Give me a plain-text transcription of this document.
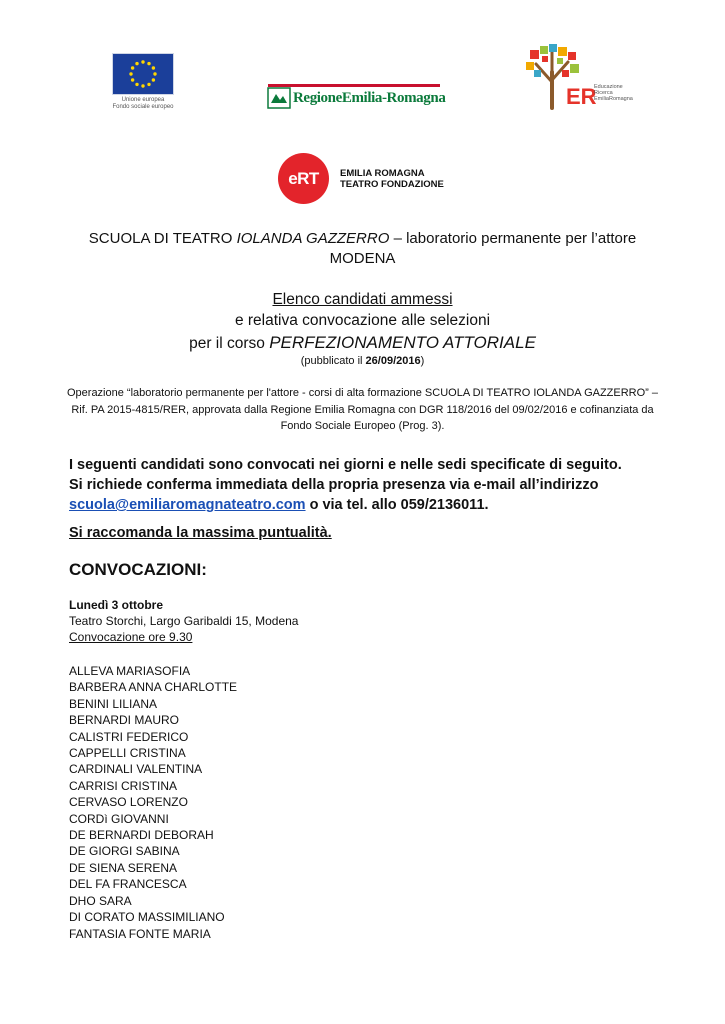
Unione europea
Fondo sociale europeo
RegioneEmilia-Romagna	ER
Educazione
Ricerca
EmiliaRomagna
eRT	EMILIA ROMAGNA
TEATRO FONDAZIONE
SCUOLA DI TEATRO IOLANDA GAZZERRO – laboratorio permanente per l’attore
MODENA
Elenco candidati ammessi
e relativa convocazione alle selezioni
per il corso PERFEZIONAMENTO ATTORIALE
(pubblicato il 26/09/2016)
Operazione “laboratorio permanente per l'attore - corsi di alta formazione SCUOLA DI TEATRO IOLANDA GAZZERRO” –
Rif. PA 2015-4815/RER, approvata dalla Regione Emilia Romagna con DGR 118/2016 del 09/02/2016 e cofinanziata da
Fondo Sociale Europeo (Prog. 3).
I seguenti candidati sono convocati nei giorni e nelle sedi specificate di seguito.
Si richiede conferma immediata della propria presenza via e-mail all’indirizzo
scuola@emiliaromagnateatro.com o via tel. allo 059/2136011.
Si raccomanda la massima puntualità.
CONVOCAZIONI:
Lunedì 3 ottobre
Teatro Storchi, Largo Garibaldi 15, Modena
Convocazione ore 9.30
ALLEVA MARIASOFIA
BARBERA ANNA CHARLOTTE
BENINI LILIANA
BERNARDI MAURO
CALISTRI FEDERICO
CAPPELLI CRISTINA
CARDINALI VALENTINA
CARRISI CRISTINA
CERVASO LORENZO
CORDì GIOVANNI
DE BERNARDI DEBORAH
DE GIORGI SABINA
DE SIENA SERENA
DEL FA FRANCESCA
DHO SARA
DI CORATO MASSIMILIANO
FANTASIA FONTE MARIA
